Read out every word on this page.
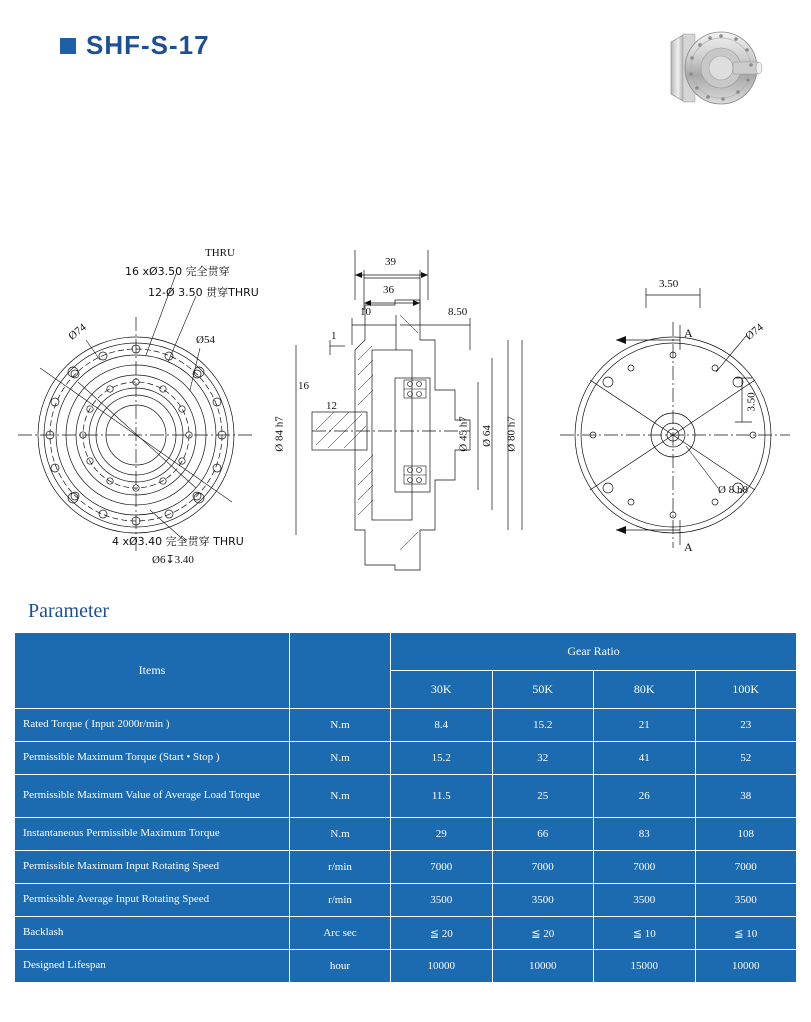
SHF-S-17
THRU
16 xØ3.50 完全贯穿
12-Ø 3.50 贯穿THRU
Ø74	Ø54
4 xØ3.40 完全贯穿 THRU
Ø6↧3.40
39
36
10	8.50
1
16
12
Ø 84 h7	Ø 45 h7 Ø 64 Ø 80 h7
3.50
Ø74
3.50
Ø 8 h8
A
A
Parameter
Items		Gear Ratio			
		30K	50K	80K	100K
Rated Torque ( Input 2000r/min )	N.m	8.4	15.2	21	23
Permissible Maximum Torque (Start • Stop )	N.m	15.2	32	41	52
Permissible Maximum Value of Average Load Torque	N.m	11.5	25	26	38
Instantaneous Permissible Maximum Torque	N.m	29	66	83	108
Permissible Maximum Input Rotating Speed	r/min	7000	7000	7000	7000
Permissible Average Input Rotating Speed	r/min	3500	3500	3500	3500
Backlash	Arc sec	≦ 20	≦ 20	≦ 10	≦ 10
Designed Lifespan	hour	10000	10000	15000	10000
